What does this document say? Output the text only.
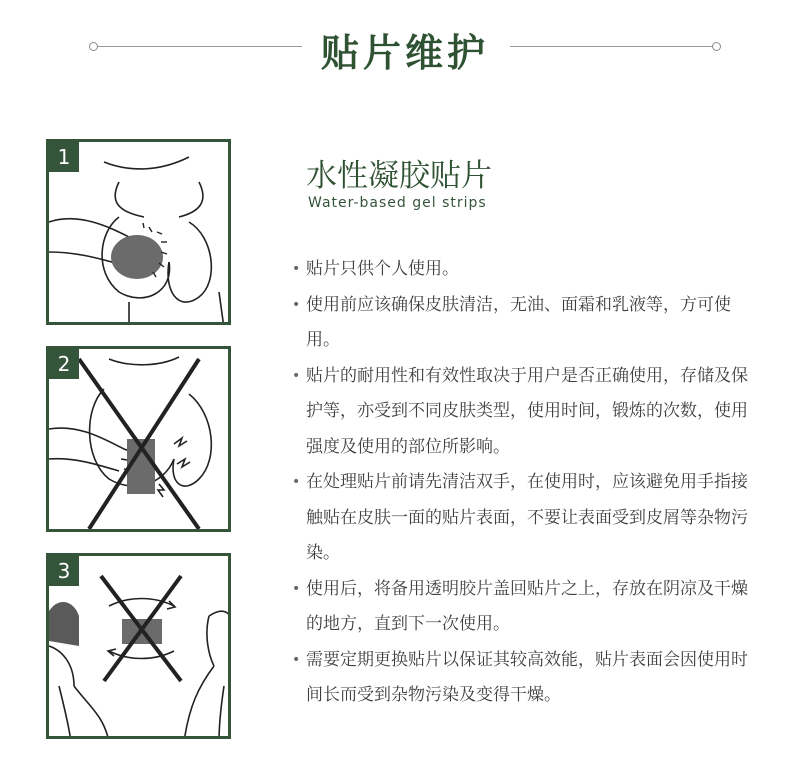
贴片维护
1
2
3
水性凝胶贴片
Water-based gel strips
• 贴片只供个人使用。
• 使用前应该确保皮肤清洁，无油、面霜和乳液等，方可使用。
• 贴片的耐用性和有效性取决于用户是否正确使用，存储及保护等，亦受到不同皮肤类型，使用时间，锻炼的次数，使用强度及使用的部位所影响。
• 在处理贴片前请先清洁双手，在使用时，应该避免用手指接触贴在皮肤一面的贴片表面，不要让表面受到皮屑等杂物污染。
• 使用后，将备用透明胶片盖回贴片之上，存放在阴凉及干燥的地方，直到下一次使用。
• 需要定期更换贴片以保证其较高效能，贴片表面会因使用时间长而受到杂物污染及变得干燥。
